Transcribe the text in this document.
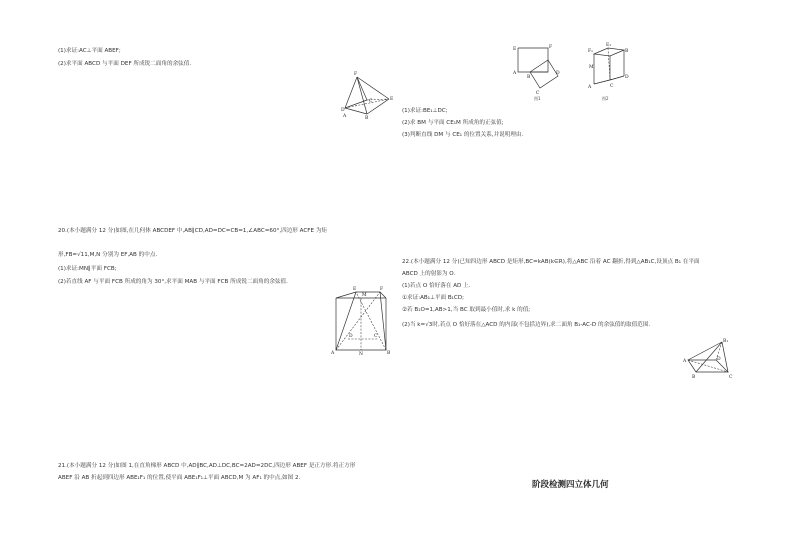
(1)求证:AC⊥平面 ABEF;
(2)求平面 ABCD 与平面 DEF 所成锐二面角的余弦值.
F
E
D
C
A	B
20.(本小题满分 12 分)如图,在几何体 ABCDEF 中,AB∥CD,AD=DC=CB=1,∠ABC=60°,四边形 ACFE 为矩
形,FB=√11,M,N 分别为 EF,AB 的中点.
(1)求证:MN∥平面 FCB;
(2)若直线 AF 与平面 FCB 所成的角为 30°,求平面 MAB 与平面 FCB 所成锐二面角的余弦值.
E	F
M
D	C
A	N	B
21.(本小题满分 12 分)如图 1,在直角梯形 ABCD 中,AD∥BC,AD⊥DC,BC=2AD=2DC,四边形 ABEF 是正方形.将正方形
ABEF 沿 AB 折起到四边形 ABE₁F₁ 的位置,使平面 ABE₁F₁⊥平面 ABCD,M 为 AF₁ 的中点,如图 2.
E	F
D
C
A
B
图1
F₁
E₁
M
D
C
A
B
图2
(1)求证:BE₁⊥DC;
(2)求 BM 与平面 CE₁M 所成角的正弦值;
(3)判断直线 DM 与 CE₁ 的位置关系,并说明理由.
22.(本小题满分 12 分)已知四边形 ABCD 是矩形,BC=kAB(k∈R),将△ABC 沿着 AC 翻折,得到△AB₁C,设顶点 B₁ 在平面
ABCD 上的射影为 O.
(1)若点 O 恰好落在 AD 上.
①求证:AB₁⊥平面 B₁CD;
②若 B₁O=1,AB>1,当 BC 取到最小值时,求 k 的值;
(2)当 k=√3时,若点 O 恰好落在△ACD 的内部(不包括边界),求二面角 B₁-AC-D 的余弦值的取值范围.
B₁
A	D
B	C
阶段检测四立体几何
